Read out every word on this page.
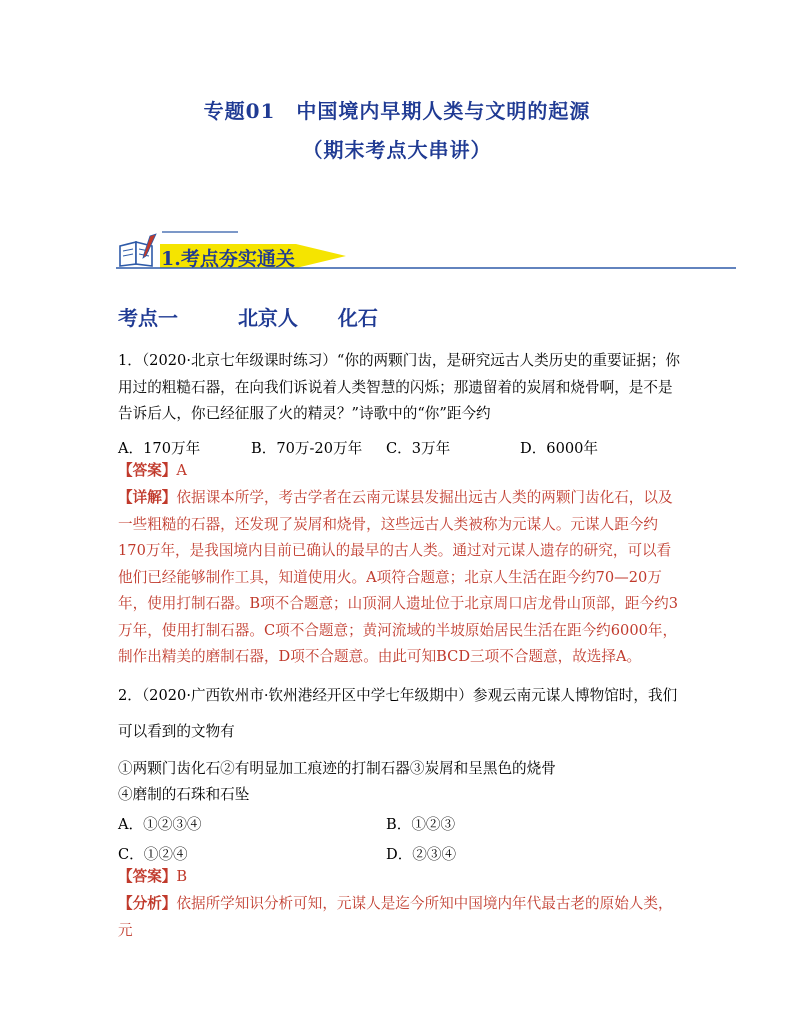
专题01　中国境内早期人类与文明的起源
（期末考点大串讲）
1.考点夯实通关
考点一	北京人 化石
1．（2020·北京七年级课时练习）“你的两颗门齿，是研究远古人类历史的重要证据；你用过的粗糙石器，在向我们诉说着人类智慧的闪烁；那遗留着的炭屑和烧骨啊，是不是告诉后人，你已经征服了火的精灵？”诗歌中的“你”距今约
A．170万年	B．70万-20万年 C．3万年	D．6000年
【答案】A
【详解】依据课本所学，考古学者在云南元谋县发掘出远古人类的两颗门齿化石，以及一些粗糙的石器，还发现了炭屑和烧骨，这些远古人类被称为元谋人。元谋人距今约170万年，是我国境内目前已确认的最早的古人类。通过对元谋人遗存的研究，可以看他们已经能够制作工具，知道使用火。A项符合题意；北京人生活在距今约70—20万年，使用打制石器。B项不合题意；山顶洞人遗址位于北京周口店龙骨山顶部，距今约3万年，使用打制石器。C项不合题意；黄河流域的半坡原始居民生活在距今约6000年，制作出精美的磨制石器，D项不合题意。由此可知BCD三项不合题意，故选择A。
2．（2020·广西钦州市·钦州港经开区中学七年级期中）参观云南元谋人博物馆时，我们
可以看到的文物有
①两颗门齿化石②有明显加工痕迹的打制石器③炭屑和呈黑色的烧骨
④磨制的石珠和石坠
A．①②③④	B．①②③
C．①②④	D．②③④
【答案】B
【分析】依据所学知识分析可知，元谋人是迄今所知中国境内年代最古老的原始人类，元
